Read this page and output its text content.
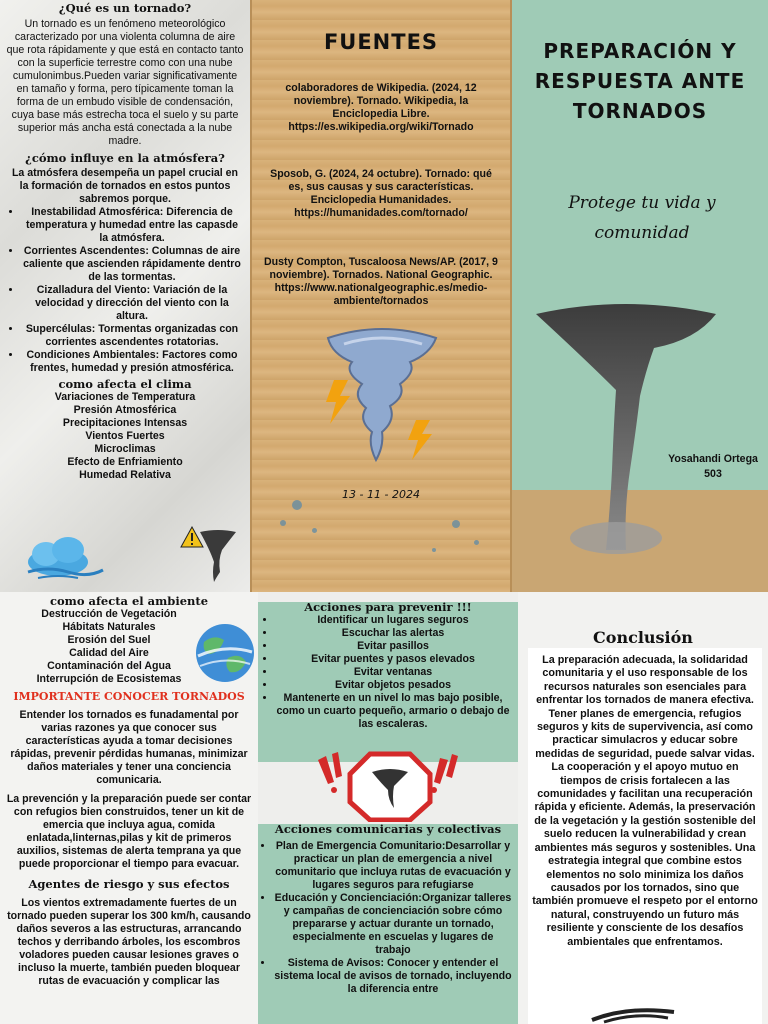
¿Qué es un tornado?

Un tornado es un fenómeno meteorológico caracterizado por una violenta columna de aire que rota rápidamente y que está en contacto tanto con la superficie terrestre como con una nube cumulonimbus.Pueden variar significativamente en tamaño y forma, pero típicamente toman la forma de un embudo visible de condensación, cuya base más estrecha toca el suelo y su parte superior más ancha está conectada a la nube madre.

¿cómo influye en la atmósfera?

La atmósfera desempeña un papel crucial en la formación de tornados en estos puntos sabremos porque.

• Inestabilidad Atmosférica: Diferencia de temperatura y humedad entre las capasde la atmósfera.
• Corrientes Ascendentes: Columnas de aire caliente que ascienden rápidamente dentro de las tormentas.
• Cizalladura del Viento: Variación de la velocidad y dirección del viento con la altura.
• Supercélulas: Tormentas organizadas con corrientes ascendentes rotatorias.
• Condiciones Ambientales: Factores como frentes, humedad y presión atmosférica.

como afecta el clima

Variaciones de Temperatura
Presión Atmosférica
Precipitaciones Intensas
Vientos Fuertes
Microclimas
Efecto de Enfriamiento
Humedad Relativa
FUENTES

colaboradores de Wikipedia. (2024, 12 noviembre). Tornado. Wikipedia, la Enciclopedia Libre. https://es.wikipedia.org/wiki/Tornado

Sposob, G. (2024, 24 octubre). Tornado: qué es, sus causas y sus características. Enciclopedia Humanidades. https://humanidades.com/tornado/

Dusty Compton, Tuscaloosa News/AP. (2017, 9 noviembre). Tornados. National Geographic. https://www.nationalgeographic.es/medio-ambiente/tornados

13 - 11 - 2024
PREPARACIÓN Y RESPUESTA ANTE TORNADOS
Protege tu vida y comunidad
Yosahandi Ortega
503

como afecta el ambiente

Destrucción de Vegetación
Hábitats Naturales
Erosión del Suel
Calidad del Aire
Contaminación del Agua
Interrupción de Ecosistemas

IMPORTANTE CONOCER TORNADOS

Entender los tornados es funadamental por varias razones ya que conocer sus características ayuda a tomar decisiones rápidas, prevenir pérdidas humanas, minimizar daños materiales y tener una conciencia comunicaria.

La prevención y la preparación puede ser contar con refugios bien construidos, tener un kit de emercia que incluya agua, comida enlatada,linternas,pilas y kit de primeros auxilios, sistemas de alerta temprana ya que puede proporcionar el tiempo para evacuar.

Agentes de riesgo y sus efectos

Los vientos extremadamente fuertes de un tornado pueden superar los 300 km/h, causando daños severos a las estructuras, arrancando techos y derribando árboles, los escombros voladores pueden causar lesiones graves o incluso la muerte, también pueden bloquear rutas de evacuación y complicar las

Acciones para prevenir !!!

• Identificar un lugares seguros
• Escuchar las alertas
• Evitar pasillos
• Evitar puentes y pasos elevados
• Evitar ventanas
• Evitar objetos pesados
• Mantenerte en un nivel lo mas bajo posible, como un cuarto pequeño, armario o debajo de las escaleras.

Acciones comunicarias y colectivas

• Plan de Emergencia Comunitario:Desarrollar y practicar un plan de emergencia a nivel comunitario que incluya rutas de evacuación y lugares seguros para refugiarse
• Educación y Concienciación:Organizar talleres y campañas de concienciación sobre cómo prepararse y actuar durante un tornado, especialmente en escuelas y lugares de trabajo
• Sistema de Avisos: Conocer y entender el sistema local de avisos de tornado, incluyendo la diferencia entre
Conclusión

La preparación adecuada, la solidaridad comunitaria y el uso responsable de los recursos naturales son esenciales para enfrentar los tornados de manera efectiva. Tener planes de emergencia, refugios seguros y kits de supervivencia, así como practicar simulacros y educar sobre medidas de seguridad, puede salvar vidas. La cooperación y el apoyo mutuo en tiempos de crisis fortalecen a las comunidades y facilitan una recuperación rápida y eficiente. Además, la preservación de la vegetación y la gestión sostenible del suelo reducen la vulnerabilidad y crean ambientes más seguros y sostenibles. Una estrategia integral que combine estos elementos no solo minimiza los daños causados por los tornados, sino que también promueve el respeto por el entorno natural, construyendo un futuro más resiliente y consciente de los desafíos ambientales que enfrentamos.
